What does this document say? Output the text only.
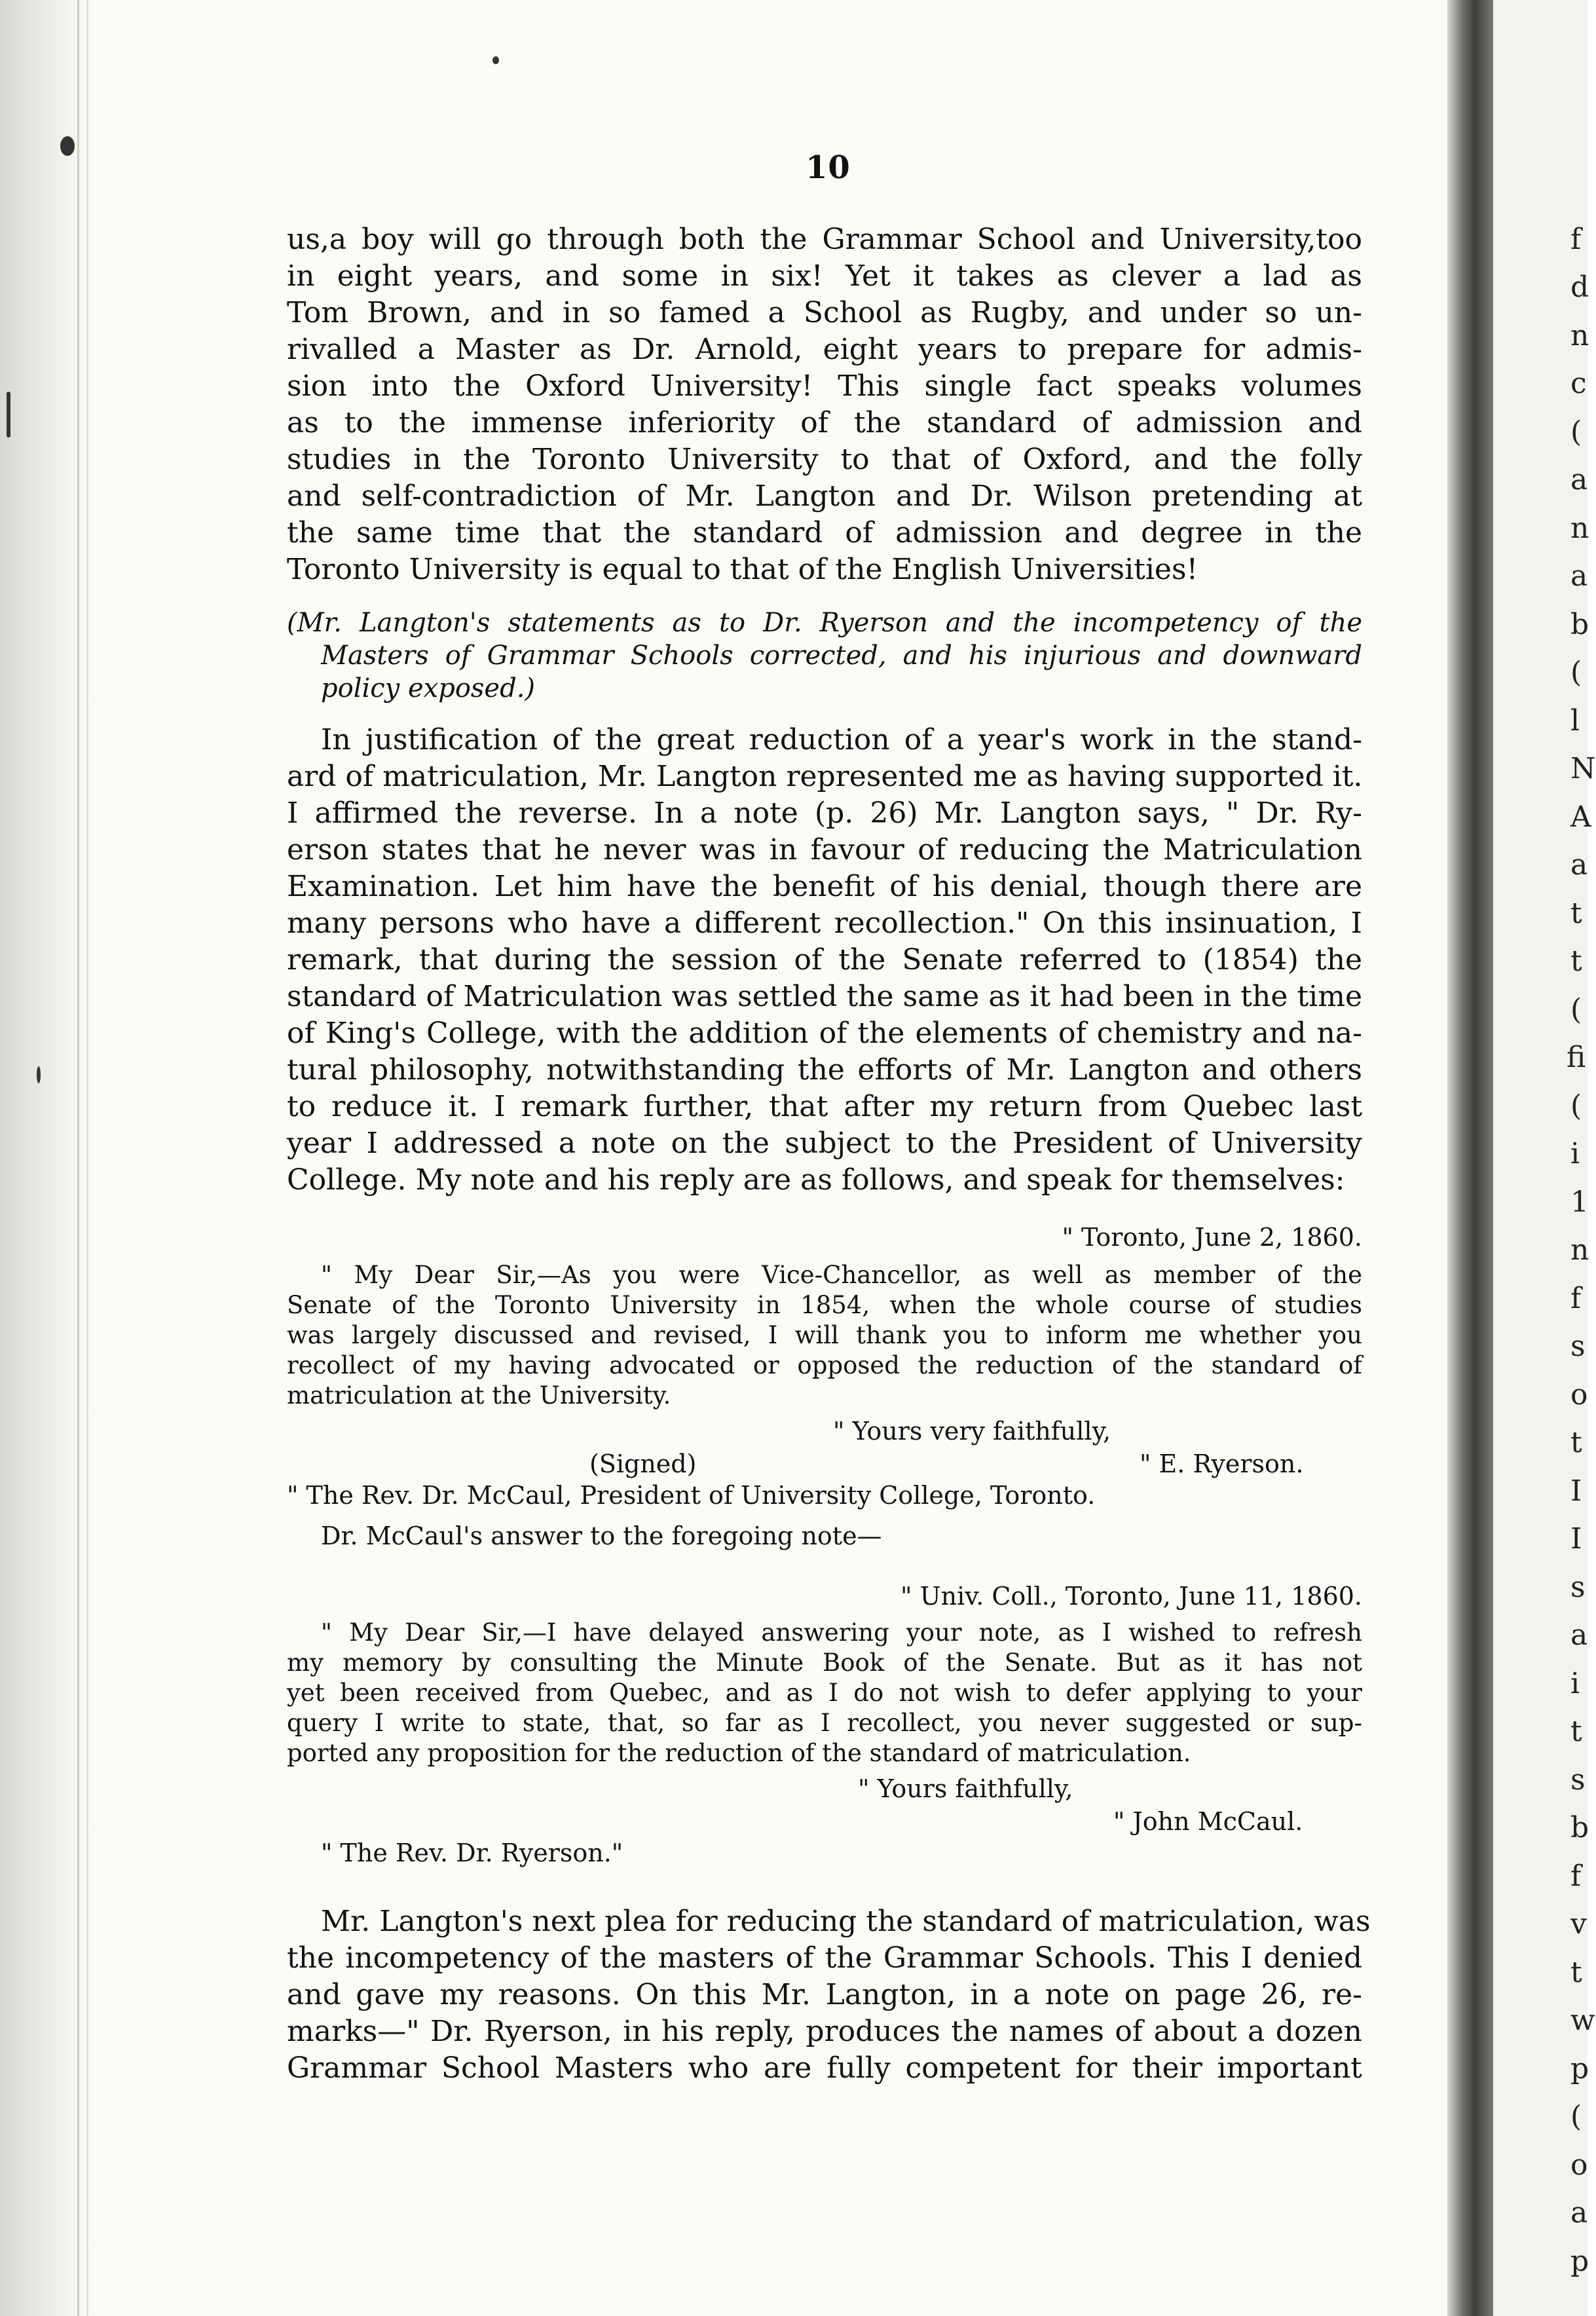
f
d
n
c
(
a
n
a
b
(
l
N
A
a
t
t
(
fi
(
i
1
n
f
s
o
t
I
I
s
a
i
t
s
b
f
v
t
w
p
(
o
a
p
10
us,a boy will go through both the Grammar School and University,too
in eight years, and some in six! Yet it takes as clever a lad as
Tom Brown, and in so famed a School as Rugby, and under so un-
rivalled a Master as Dr. Arnold, eight years to prepare for admis-
sion into the Oxford University! This single fact speaks volumes
as to the immense inferiority of the standard of admission and
studies in the Toronto University to that of Oxford, and the folly
and self-contradiction of Mr. Langton and Dr. Wilson pretending at
the same time that the standard of admission and degree in the
Toronto University is equal to that of the English Universities!
(Mr. Langton's statements as to Dr. Ryerson and the incompetency of the
Masters of Grammar Schools corrected, and his injurious and downward
policy exposed.)
In justification of the great reduction of a year's work in the stand-
ard of matriculation, Mr. Langton represented me as having supported it.
I affirmed the reverse. In a note (p. 26) Mr. Langton says, " Dr. Ry-
erson states that he never was in favour of reducing the Matriculation
Examination. Let him have the benefit of his denial, though there are
many persons who have a different recollection." On this insinuation, I
remark, that during the session of the Senate referred to (1854) the
standard of Matriculation was settled the same as it had been in the time
of King's College, with the addition of the elements of chemistry and na-
tural philosophy, notwithstanding the efforts of Mr. Langton and others
to reduce it. I remark further, that after my return from Quebec last
year I addressed a note on the subject to the President of University
College. My note and his reply are as follows, and speak for themselves:
" Toronto, June 2, 1860.
" My Dear Sir,—As you were Vice-Chancellor, as well as member of the
Senate of the Toronto University in 1854, when the whole course of studies
was largely discussed and revised, I will thank you to inform me whether you
recollect of my having advocated or opposed the reduction of the standard of
matriculation at the University.
" Yours very faithfully,
(Signed)	" E. Ryerson.
" The Rev. Dr. McCaul, President of University College, Toronto.
Dr. McCaul's answer to the foregoing note—
" Univ. Coll., Toronto, June 11, 1860.
" My Dear Sir,—I have delayed answering your note, as I wished to refresh
my memory by consulting the Minute Book of the Senate. But as it has not
yet been received from Quebec, and as I do not wish to defer applying to your
query I write to state, that, so far as I recollect, you never suggested or sup-
ported any proposition for the reduction of the standard of matriculation.
" Yours faithfully,
" John McCaul.
" The Rev. Dr. Ryerson."
Mr. Langton's next plea for reducing the standard of matriculation, was
the incompetency of the masters of the Grammar Schools. This I denied
and gave my reasons. On this Mr. Langton, in a note on page 26, re-
marks—" Dr. Ryerson, in his reply, produces the names of about a dozen
Grammar School Masters who are fully competent for their important
